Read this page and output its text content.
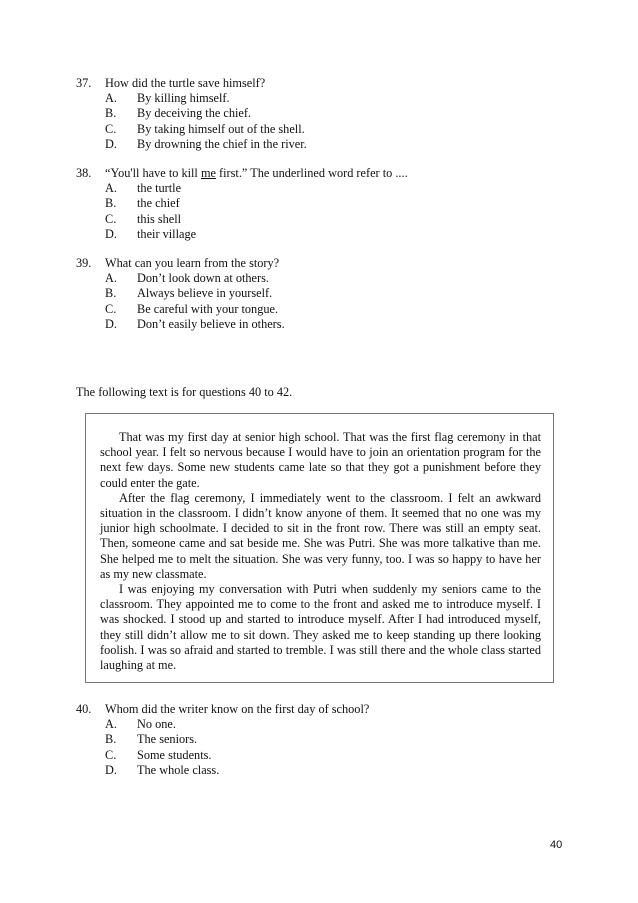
37. How did the turtle save himself?
A. By killing himself.
B. By deceiving the chief.
C. By taking himself out of the shell.
D. By drowning the chief in the river.
38. “You'll have to kill me first.” The underlined word refer to ....
A. the turtle
B. the chief
C. this shell
D. their village
39. What can you learn from the story?
A. Don’t look down at others.
B. Always believe in yourself.
C. Be careful with your tongue.
D. Don’t easily believe in others.
The following text is for questions 40 to 42.

That was my first day at senior high school. That was the first flag ceremony in that school year. I felt so nervous because I would have to join an orientation program for the next few days. Some new students came late so that they got a punishment before they could enter the gate.

After the flag ceremony, I immediately went to the classroom. I felt an awkward situation in the classroom. I didn’t know anyone of them. It seemed that no one was my junior high schoolmate. I decided to sit in the front row. There was still an empty seat. Then, someone came and sat beside me. She was Putri. She was more talkative than me. She helped me to melt the situation. She was very funny, too. I was so happy to have her as my new classmate.

I was enjoying my conversation with Putri when suddenly my seniors came to the classroom. They appointed me to come to the front and asked me to introduce myself. I was shocked. I stood up and started to introduce myself. After I had introduced myself, they still didn’t allow me to sit down. They asked me to keep standing up there looking foolish. I was so afraid and started to tremble. I was still there and the whole class started laughing at me.

40. Whom did the writer know on the first day of school?
A. No one.
B. The seniors.
C. Some students.
D. The whole class.
40
